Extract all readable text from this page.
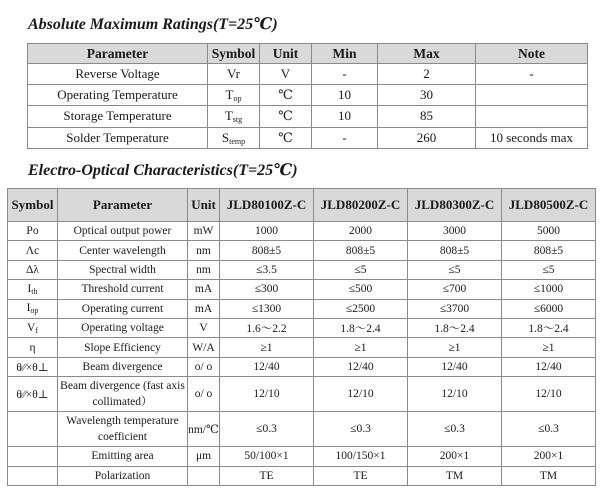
Absolute Maximum Ratings(T=25℃)
Parameter	Symbol	Unit	Min	Max	Note
Reverse Voltage	Vr	V	-	2	-
Operating Temperature	$T_{op}$	℃	10	30	
Storage Temperature	$T_{stg}$	℃	10	85	
Solder Temperature	$S_{temp}$	℃	-	260	10 seconds max
Electro-Optical Characteristics(T=25℃)
Symbol	Parameter	Unit	JLD80100Z-C	JLD80200Z-C	JLD80300Z-C	JLD80500Z-C
Po	Optical output power	mW	1000	2000	3000	5000
Λc	Center wavelength	nm	808±5	808±5	808±5	808±5
Δλ	Spectral width	nm	≤3.5	≤5	≤5	≤5
$I_{th}$	Threshold current	mA	≤300	≤500	≤700	≤1000
$I_{op}$	Operating current	mA	≤1300	≤2500	≤3700	≤6000
$V_f$	Operating voltage	V	1.6～2.2	1.8～2.4	1.8～2.4	1.8～2.4
η	Slope Efficiency	W/A	≥1	≥1	≥1	≥1
θ⁄⁄×θ⊥	Beam divergence	o/ o	12/40	12/40	12/40	12/40
θ⁄⁄×θ⊥	Beam divergence (fast axis collimated）	o/ o	12/10	12/10	12/10	12/10
	Wavelength temperature coefficient	nm/℃	≤0.3	≤0.3	≤0.3	≤0.3
	Emitting area	μm	50/100×1	100/150×1	200×1	200×1
	Polarization		TE	TE	TM	TM
